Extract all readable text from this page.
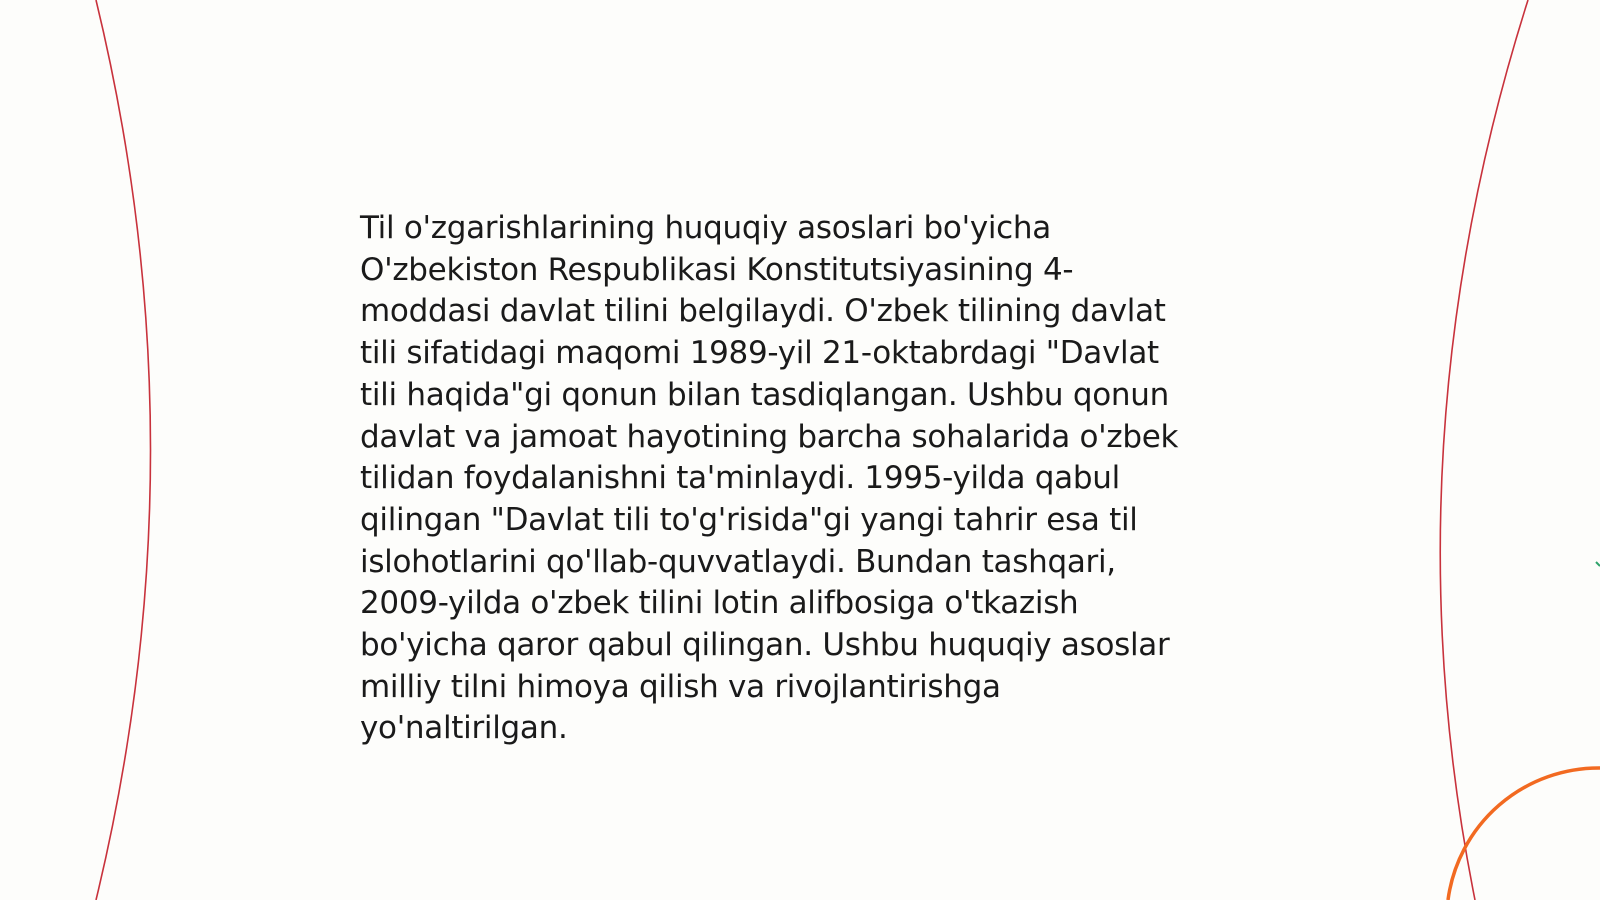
Til o'zgarishlarining huquqiy asoslari bo'yicha
O'zbekiston Respublikasi Konstitutsiyasining 4-
moddasi davlat tilini belgilaydi. O'zbek tilining davlat
tili sifatidagi maqomi 1989-yil 21-oktabrdagi "Davlat
tili haqida"gi qonun bilan tasdiqlangan. Ushbu qonun
davlat va jamoat hayotining barcha sohalarida o'zbek
tilidan foydalanishni ta'minlaydi. 1995-yilda qabul
qilingan "Davlat tili to'g'risida"gi yangi tahrir esa til
islohotlarini qo'llab-quvvatlaydi. Bundan tashqari,
2009-yilda o'zbek tilini lotin alifbosiga o'tkazish
bo'yicha qaror qabul qilingan. Ushbu huquqiy asoslar
milliy tilni himoya qilish va rivojlantirishga
yo'naltirilgan.
